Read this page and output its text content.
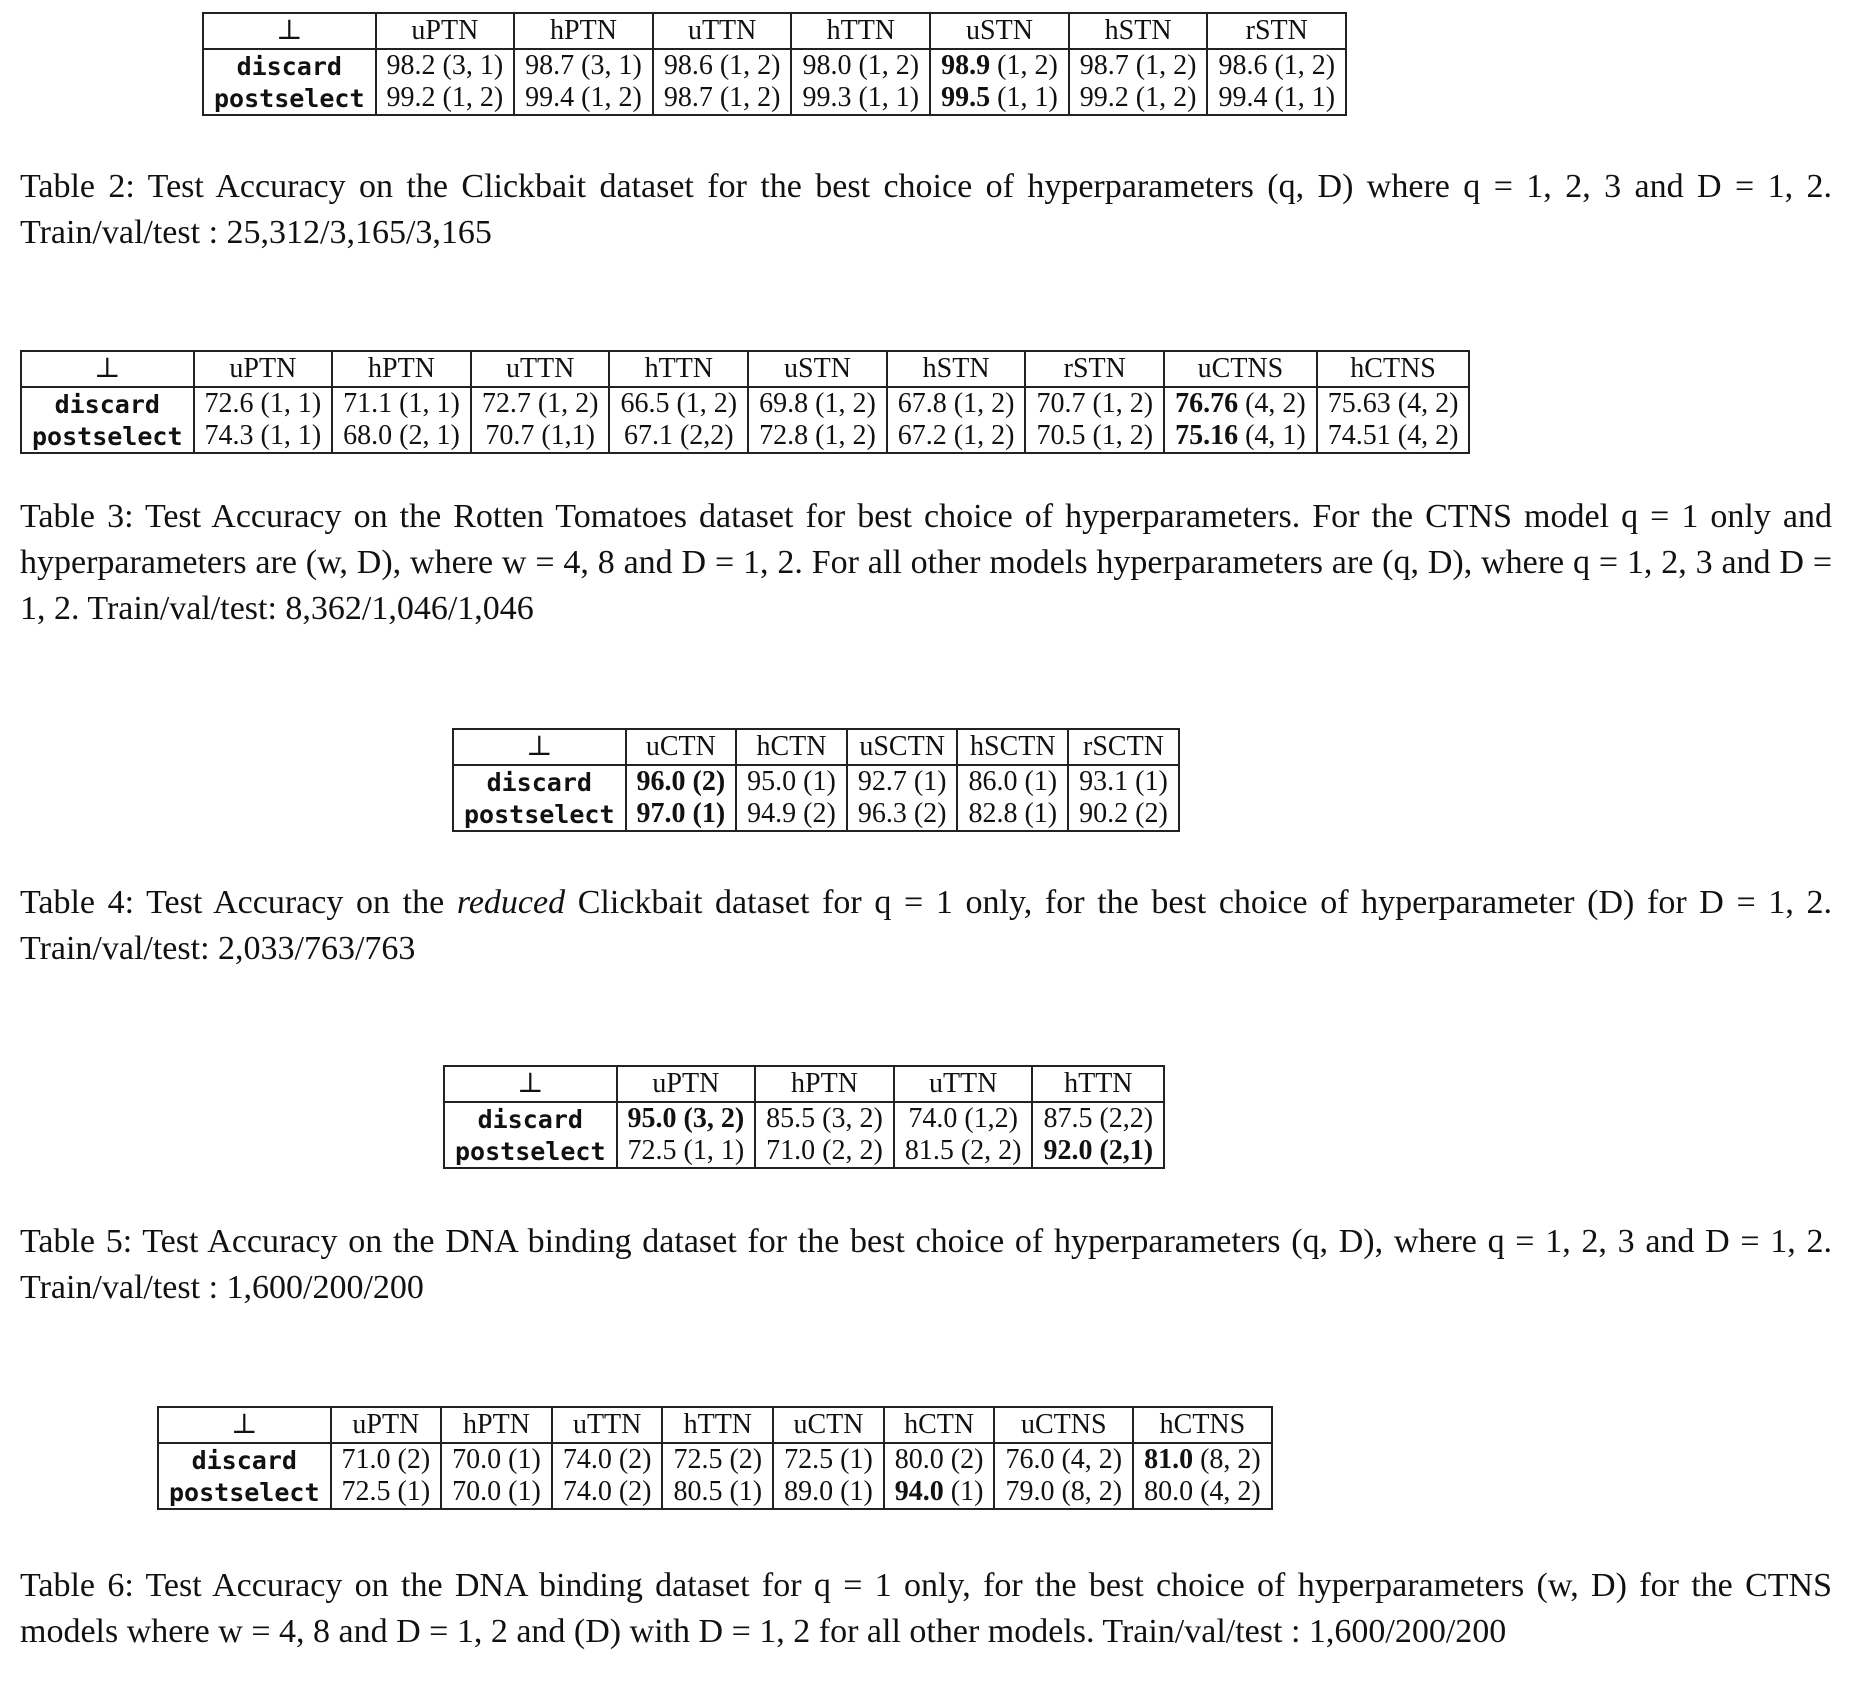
⊥	uPTN	hPTN	uTTN	hTTN	uSTN	hSTN	rSTN
discard	98.2 (3, 1)	98.7 (3, 1)	98.6 (1, 2)	98.0 (1, 2)	98.9 (1, 2)	98.7 (1, 2)	98.6 (1, 2)
postselect	99.2 (1, 2)	99.4 (1, 2)	98.7 (1, 2)	99.3 (1, 1)	99.5 (1, 1)	99.2 (1, 2)	99.4 (1, 1)
Table 2: Test Accuracy on the Clickbait dataset for the best choice of hyperparameters (q, D) where q = 1, 2, 3 and D = 1, 2. Train/val/test : 25,312/3,165/3,165
⊥	uPTN	hPTN	uTTN	hTTN	uSTN	hSTN	rSTN	uCTNS	hCTNS
discard	72.6 (1, 1)	71.1 (1, 1)	72.7 (1, 2)	66.5 (1, 2)	69.8 (1, 2)	67.8 (1, 2)	70.7 (1, 2)	76.76 (4, 2)	75.63 (4, 2)
postselect	74.3 (1, 1)	68.0 (2, 1)	70.7 (1,1)	67.1 (2,2)	72.8 (1, 2)	67.2 (1, 2)	70.5 (1, 2)	75.16 (4, 1)	74.51 (4, 2)
Table 3: Test Accuracy on the Rotten Tomatoes dataset for best choice of hyperparameters. For the CTNS model q = 1 only and hyperparameters are (w, D), where w = 4, 8 and D = 1, 2. For all other models hyperparameters are (q, D), where q = 1, 2, 3 and D = 1, 2. Train/val/test: 8,362/1,046/1,046
⊥	uCTN	hCTN	uSCTN	hSCTN	rSCTN
discard	96.0 (2)	95.0 (1)	92.7 (1)	86.0 (1)	93.1 (1)
postselect	97.0 (1)	94.9 (2)	96.3 (2)	82.8 (1)	90.2 (2)
Table 4: Test Accuracy on the reduced Clickbait dataset for q = 1 only, for the best choice of hyperparameter (D) for D = 1, 2. Train/val/test: 2,033/763/763
⊥	uPTN	hPTN	uTTN	hTTN
discard	95.0 (3, 2)	85.5 (3, 2)	74.0 (1,2)	87.5 (2,2)
postselect	72.5 (1, 1)	71.0 (2, 2)	81.5 (2, 2)	92.0 (2,1)
Table 5: Test Accuracy on the DNA binding dataset for the best choice of hyperparameters (q, D), where q = 1, 2, 3 and D = 1, 2. Train/val/test : 1,600/200/200
⊥	uPTN	hPTN	uTTN	hTTN	uCTN	hCTN	uCTNS	hCTNS
discard	71.0 (2)	70.0 (1)	74.0 (2)	72.5 (2)	72.5 (1)	80.0 (2)	76.0 (4, 2)	81.0 (8, 2)
postselect	72.5 (1)	70.0 (1)	74.0 (2)	80.5 (1)	89.0 (1)	94.0 (1)	79.0 (8, 2)	80.0 (4, 2)
Table 6: Test Accuracy on the DNA binding dataset for q = 1 only, for the best choice of hyperparameters (w, D) for the CTNS models where w = 4, 8 and D = 1, 2 and (D) with D = 1, 2 for all other models. Train/val/test : 1,600/200/200
